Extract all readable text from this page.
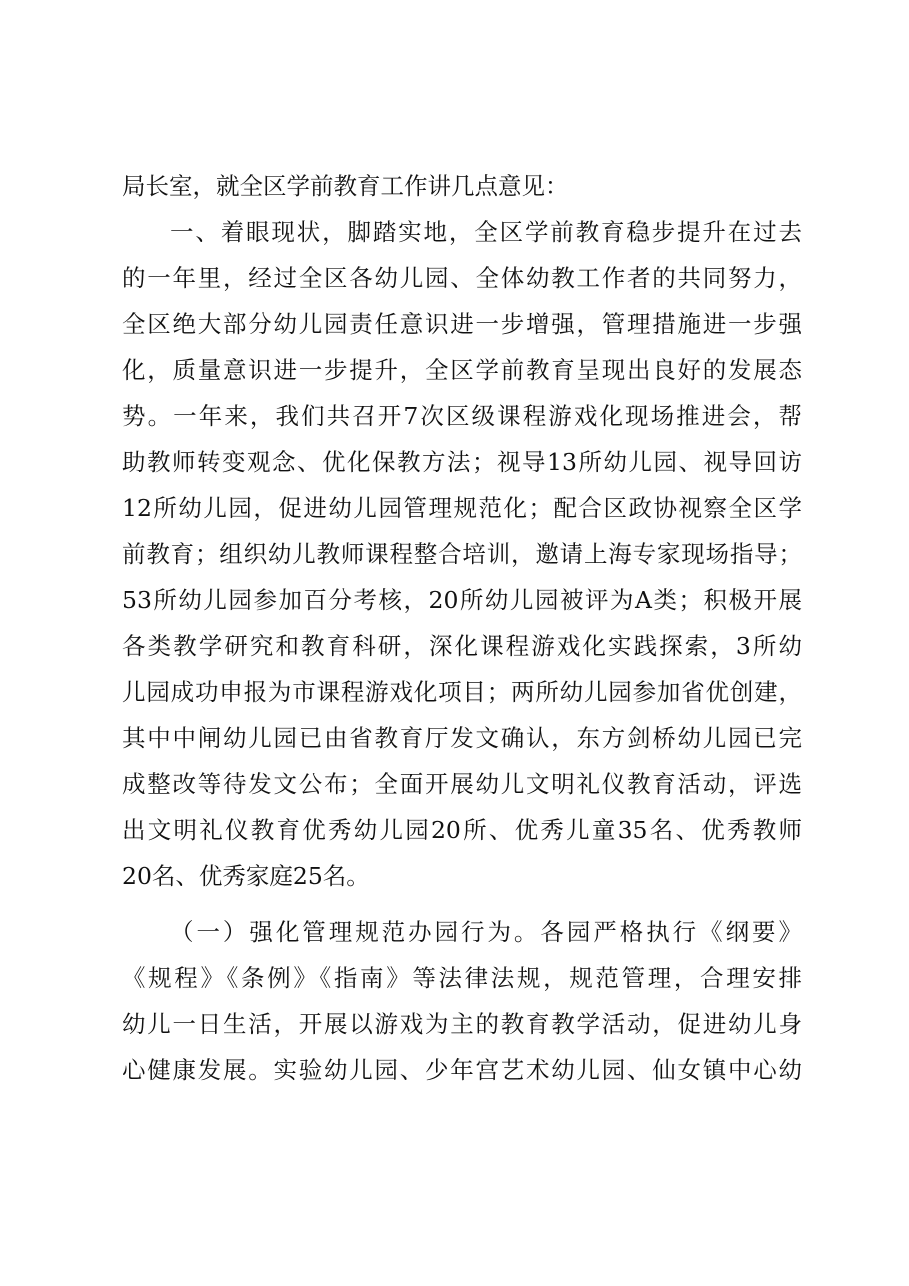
局长室，就全区学前教育工作讲几点意见：
一、着眼现状，脚踏实地，全区学前教育稳步提升在过去
的一年里，经过全区各幼儿园、全体幼教工作者的共同努力，
全区绝大部分幼儿园责任意识进一步增强，管理措施进一步强
化，质量意识进一步提升，全区学前教育呈现出良好的发展态
势。一年来，我们共召开7次区级课程游戏化现场推进会，帮
助教师转变观念、优化保教方法；视导13所幼儿园、视导回访
12所幼儿园，促进幼儿园管理规范化；配合区政协视察全区学
前教育；组织幼儿教师课程整合培训，邀请上海专家现场指导；
53所幼儿园参加百分考核，20所幼儿园被评为A类；积极开展
各类教学研究和教育科研，深化课程游戏化实践探索，3所幼
儿园成功申报为市课程游戏化项目；两所幼儿园参加省优创建，
其中中闸幼儿园已由省教育厅发文确认，东方剑桥幼儿园已完
成整改等待发文公布；全面开展幼儿文明礼仪教育活动，评选
出文明礼仪教育优秀幼儿园20所、优秀儿童35名、优秀教师
20名、优秀家庭25名。
（一）强化管理规范办园行为。各园严格执行《纲要》
《规程》《条例》《指南》等法律法规，规范管理，合理安排
幼儿一日生活，开展以游戏为主的教育教学活动，促进幼儿身
心健康发展。实验幼儿园、少年宫艺术幼儿园、仙女镇中心幼
